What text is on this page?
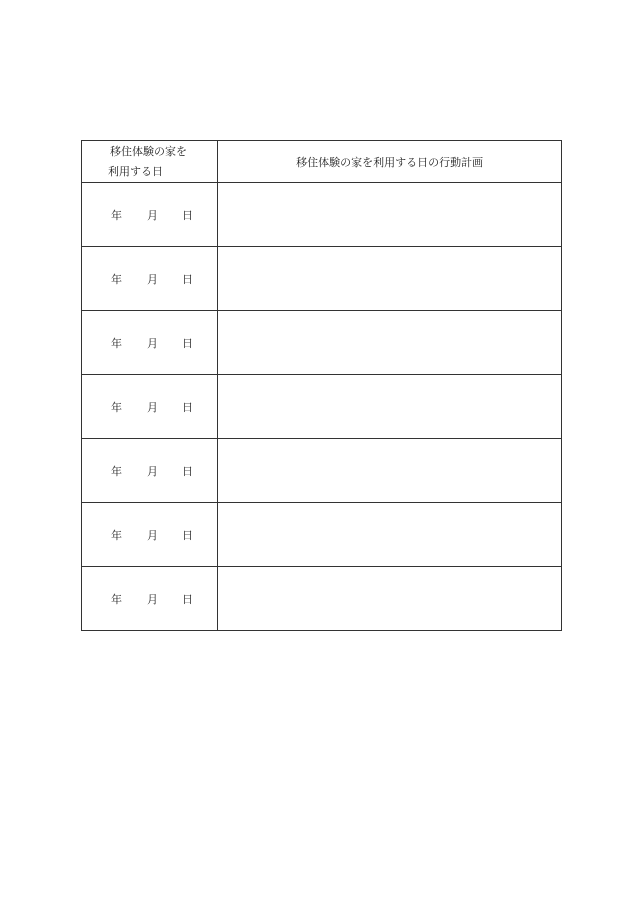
移住体験の家を
利用する日	移住体験の家を利用する日の行動計画

年 月 日	

年 月 日	

年 月 日	

年 月 日	

年 月 日	

年 月 日	

年 月 日	
